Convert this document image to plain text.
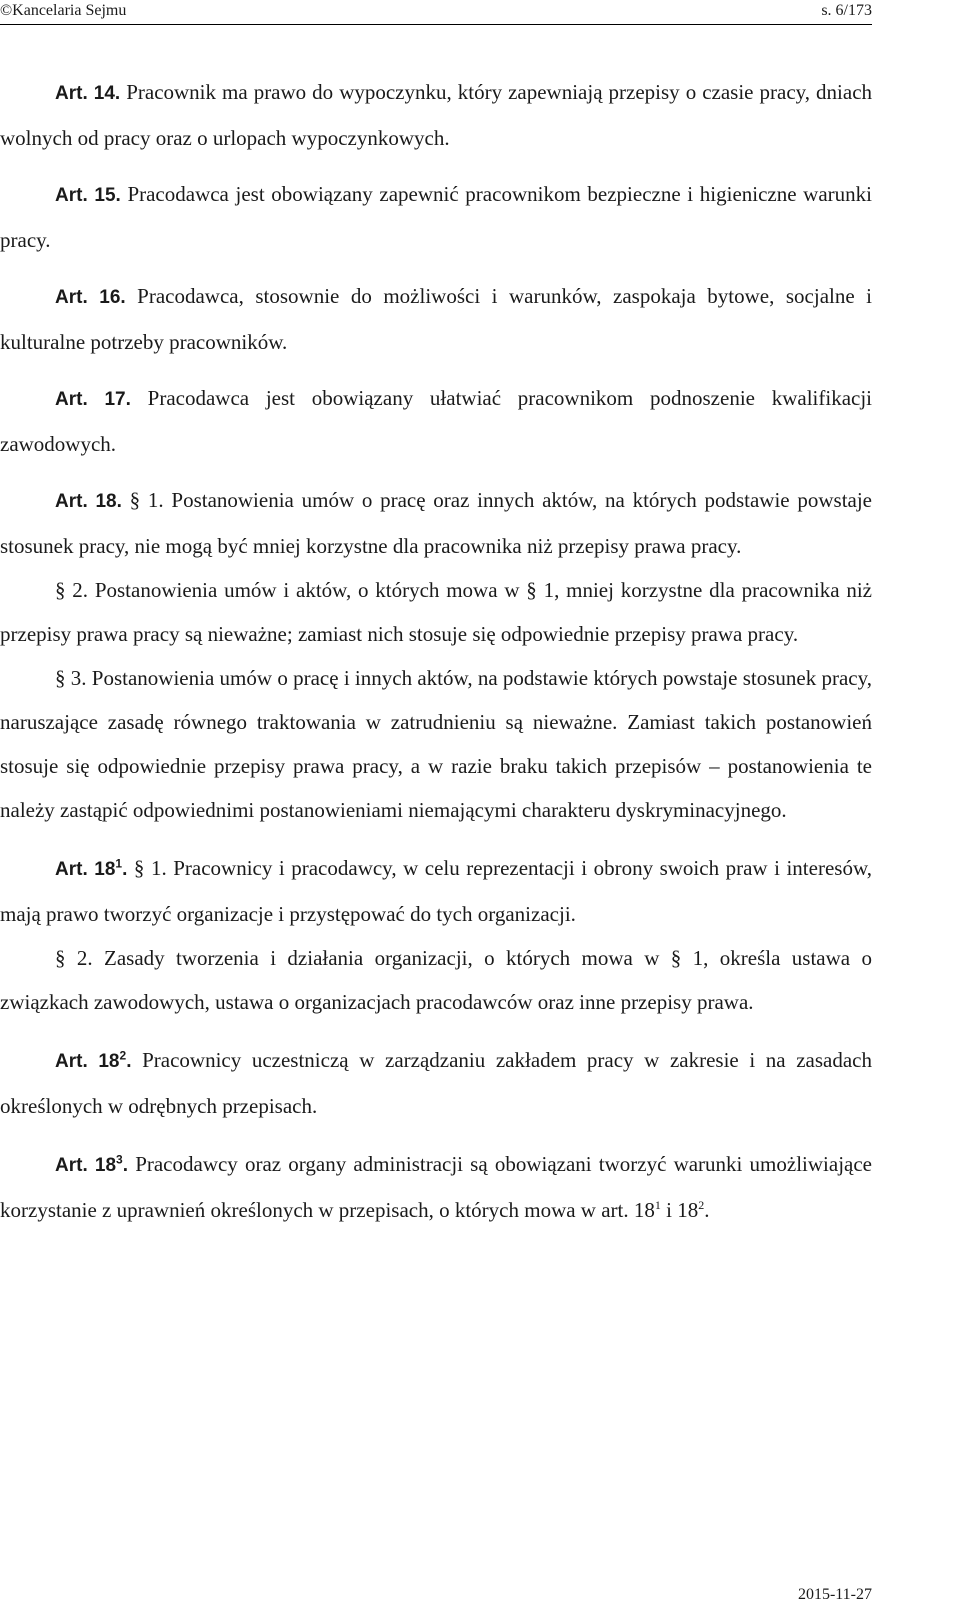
©Kancelaria Sejmu	s. 6/173

Art. 14. Pracownik ma prawo do wypoczynku, który zapewniają przepisy o czasie pracy, dniach wolnych od pracy oraz o urlopach wypoczynkowych.

Art. 15. Pracodawca jest obowiązany zapewnić pracownikom bezpieczne i higieniczne warunki pracy.

Art. 16. Pracodawca, stosownie do możliwości i warunków, zaspokaja bytowe, socjalne i kulturalne potrzeby pracowników.

Art. 17. Pracodawca jest obowiązany ułatwiać pracownikom podnoszenie kwalifikacji zawodowych.

Art. 18. § 1. Postanowienia umów o pracę oraz innych aktów, na których podstawie powstaje stosunek pracy, nie mogą być mniej korzystne dla pracownika niż przepisy prawa pracy.

§ 2. Postanowienia umów i aktów, o których mowa w § 1, mniej korzystne dla pracownika niż przepisy prawa pracy są nieważne; zamiast nich stosuje się odpowiednie przepisy prawa pracy.

§ 3. Postanowienia umów o pracę i innych aktów, na podstawie których powstaje stosunek pracy, naruszające zasadę równego traktowania w zatrudnieniu są nieważne. Zamiast takich postanowień stosuje się odpowiednie przepisy prawa pracy, a w razie braku takich przepisów – postanowienia te należy zastąpić odpowiednimi postanowieniami niemającymi charakteru dyskryminacyjnego.

Art. $18^1$. § 1. Pracownicy i pracodawcy, w celu reprezentacji i obrony swoich praw i interesów, mają prawo tworzyć organizacje i przystępować do tych organizacji.

§ 2. Zasady tworzenia i działania organizacji, o których mowa w § 1, określa ustawa o związkach zawodowych, ustawa o organizacjach pracodawców oraz inne przepisy prawa.

Art. $18^2$. Pracownicy uczestniczą w zarządzaniu zakładem pracy w zakresie i na zasadach określonych w odrębnych przepisach.

Art. $18^3$. Pracodawcy oraz organy administracji są obowiązani tworzyć warunki umożliwiające korzystanie z uprawnień określonych w przepisach, o których mowa w art. $18^1$ i $18^2$.

2015-11-27
